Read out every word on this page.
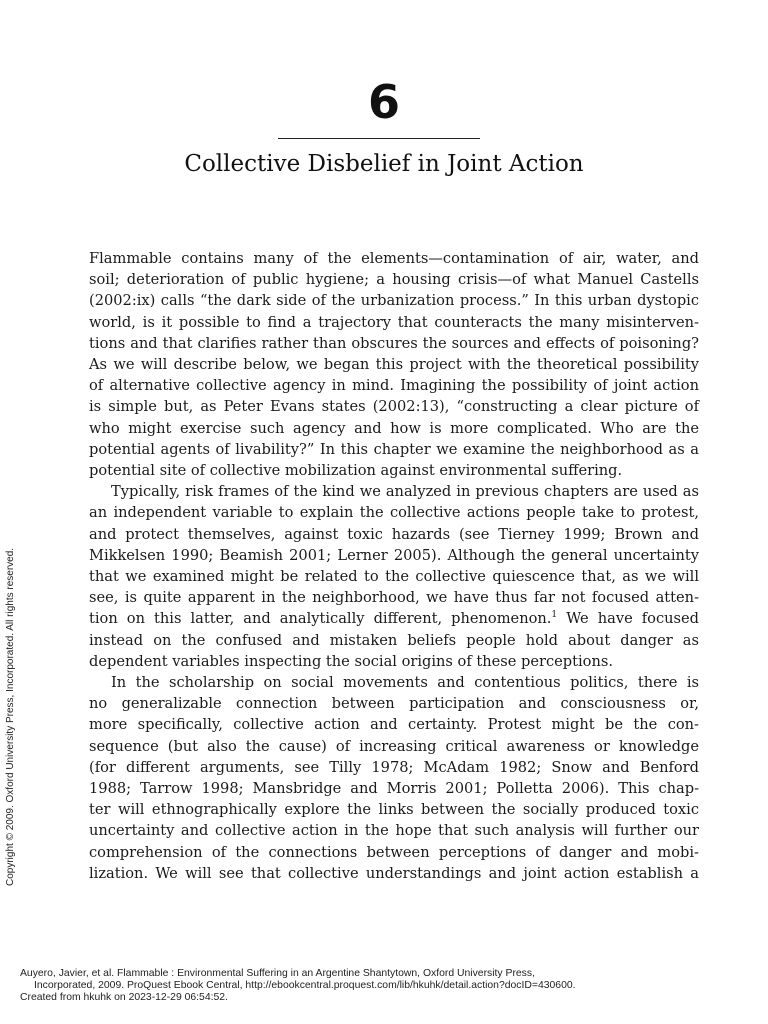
6
Collective Disbelief in Joint Action
Flammable contains many of the elements—contamination of air, water, and
soil; deterioration of public hygiene; a housing crisis—of what Manuel Castells
(2002:ix) calls “the dark side of the urbanization process.” In this urban dystopic
world, is it possible to find a trajectory that counteracts the many misinterven-
tions and that clarifies rather than obscures the sources and effects of poisoning?
As we will describe below, we began this project with the theoretical possibility
of alternative collective agency in mind. Imagining the possibility of joint action
is simple but, as Peter Evans states (2002:13), “constructing a clear picture of
who might exercise such agency and how is more complicated. Who are the
potential agents of livability?” In this chapter we examine the neighborhood as a
potential site of collective mobilization against environmental suffering.
Typically, risk frames of the kind we analyzed in previous chapters are used as
an independent variable to explain the collective actions people take to protest,
and protect themselves, against toxic hazards (see Tierney 1999; Brown and
Mikkelsen 1990; Beamish 2001; Lerner 2005). Although the general uncertainty
that we examined might be related to the collective quiescence that, as we will
see, is quite apparent in the neighborhood, we have thus far not focused atten-
tion on this latter, and analytically different, phenomenon.$^1$ We have focused
instead on the confused and mistaken beliefs people hold about danger as
dependent variables inspecting the social origins of these perceptions.
In the scholarship on social movements and contentious politics, there is
no generalizable connection between participation and consciousness or,
more specifically, collective action and certainty. Protest might be the con-
sequence (but also the cause) of increasing critical awareness or knowledge
(for different arguments, see Tilly 1978; McAdam 1982; Snow and Benford
1988; Tarrow 1998; Mansbridge and Morris 2001; Polletta 2006). This chap-
ter will ethnographically explore the links between the socially produced toxic
uncertainty and collective action in the hope that such analysis will further our
comprehension of the connections between perceptions of danger and mobi-
lization. We will see that collective understandings and joint action establish a
Copyright © 2009. Oxford University Press, Incorporated. All rights reserved.
Auyero, Javier, et al. Flammable : Environmental Suffering in an Argentine Shantytown, Oxford University Press,
Incorporated, 2009. ProQuest Ebook Central, http://ebookcentral.proquest.com/lib/hkuhk/detail.action?docID=430600.
Created from hkuhk on 2023-12-29 06:54:52.
